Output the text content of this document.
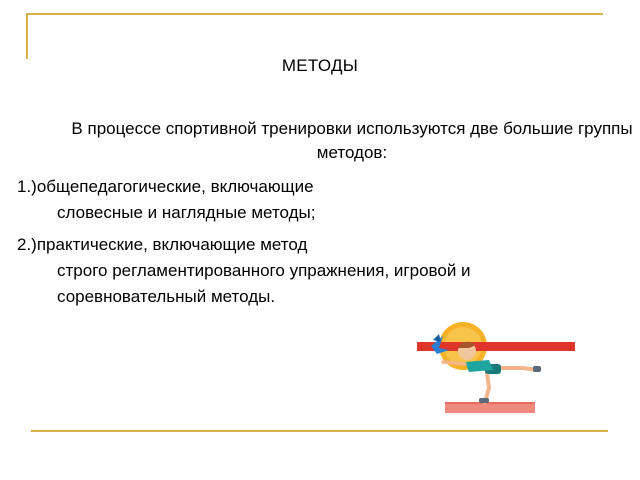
МЕТОДЫ
В процессе спортивной тренировки используются две большие группы методов:
1.)общепедагогические, включающие
словесные и наглядные методы;
2.)практические, включающие метод
строго регламентированного упражнения, игровой и
соревновательный методы.
